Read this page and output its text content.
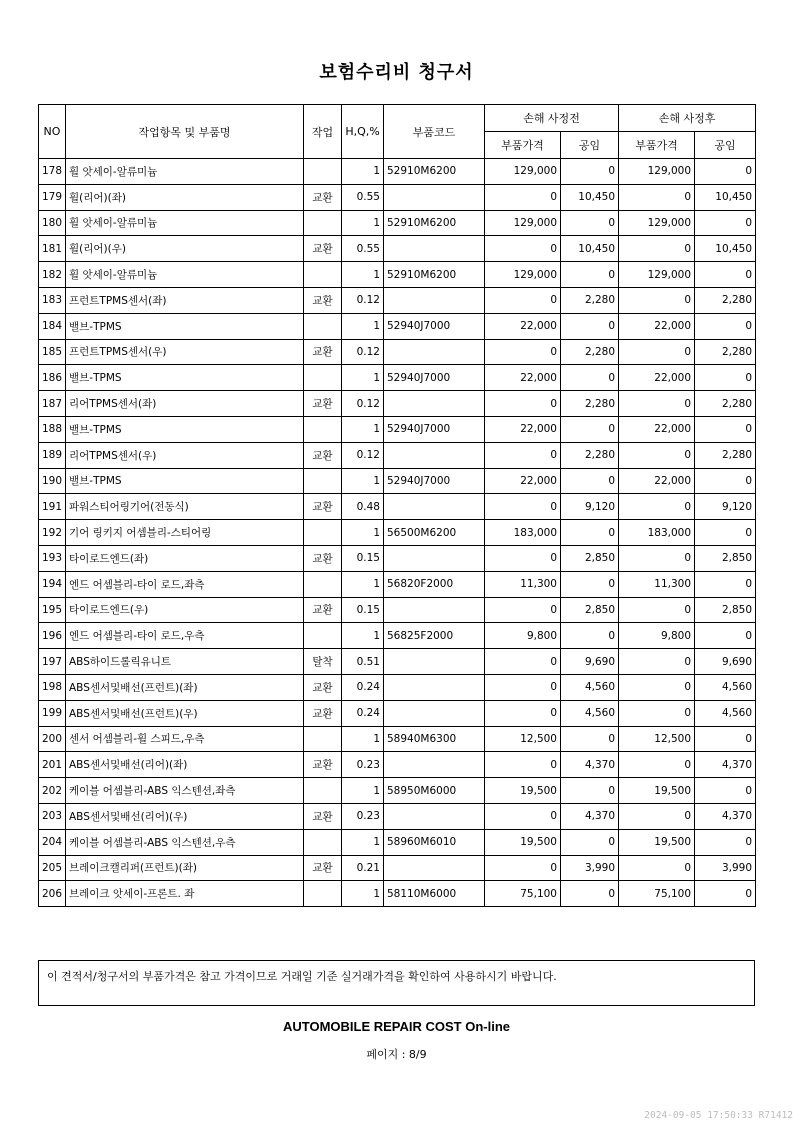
보험수리비 청구서
NO	작업항목 및 부품명	작업	H,Q,%	부품코드	손해 사정전		손해 사정후	
					부품가격	공임	부품가격	공임
178	휠 앗세이-알류미늄		1	52910M6200	129,000	0	129,000	0
179	휠(리어)(좌)	교환	0.55		0	10,450	0	10,450
180	휠 앗세이-알류미늄		1	52910M6200	129,000	0	129,000	0
181	휠(리어)(우)	교환	0.55		0	10,450	0	10,450
182	휠 앗세이-알류미늄		1	52910M6200	129,000	0	129,000	0
183	프런트TPMS센서(좌)	교환	0.12		0	2,280	0	2,280
184	밸브-TPMS		1	52940J7000	22,000	0	22,000	0
185	프런트TPMS센서(우)	교환	0.12		0	2,280	0	2,280
186	밸브-TPMS		1	52940J7000	22,000	0	22,000	0
187	리어TPMS센서(좌)	교환	0.12		0	2,280	0	2,280
188	밸브-TPMS		1	52940J7000	22,000	0	22,000	0
189	리어TPMS센서(우)	교환	0.12		0	2,280	0	2,280
190	밸브-TPMS		1	52940J7000	22,000	0	22,000	0
191	파워스티어링기어(전동식)	교환	0.48		0	9,120	0	9,120
192	기어 링키지 어셈블리-스티어링		1	56500M6200	183,000	0	183,000	0
193	타이로드엔드(좌)	교환	0.15		0	2,850	0	2,850
194	엔드 어셈블리-타이 로드,좌측		1	56820F2000	11,300	0	11,300	0
195	타이로드엔드(우)	교환	0.15		0	2,850	0	2,850
196	엔드 어셈블리-타이 로드,우측		1	56825F2000	9,800	0	9,800	0
197	ABS하이드롤릭유니트	탈착	0.51		0	9,690	0	9,690
198	ABS센서및배선(프런트)(좌)	교환	0.24		0	4,560	0	4,560
199	ABS센서및배선(프런트)(우)	교환	0.24		0	4,560	0	4,560
200	센서 어셈블리-휠 스피드,우측		1	58940M6300	12,500	0	12,500	0
201	ABS센서및배선(리어)(좌)	교환	0.23		0	4,370	0	4,370
202	케이블 어셈블리-ABS 익스텐션,좌측		1	58950M6000	19,500	0	19,500	0
203	ABS센서및배선(리어)(우)	교환	0.23		0	4,370	0	4,370
204	케이블 어셈블리-ABS 익스텐션,우측		1	58960M6010	19,500	0	19,500	0
205	브레이크캘리퍼(프런트)(좌)	교환	0.21		0	3,990	0	3,990
206	브레이크 앗세이-프론트. 좌		1	58110M6000	75,100	0	75,100	0
이 견적서/청구서의 부품가격은 참고 가격이므로 거래일 기준 실거래가격을 확인하여 사용하시기 바랍니다.
AUTOMOBILE REPAIR COST On-line
페이지 : 8/9
2024-09-05 17:50:33 R71412
